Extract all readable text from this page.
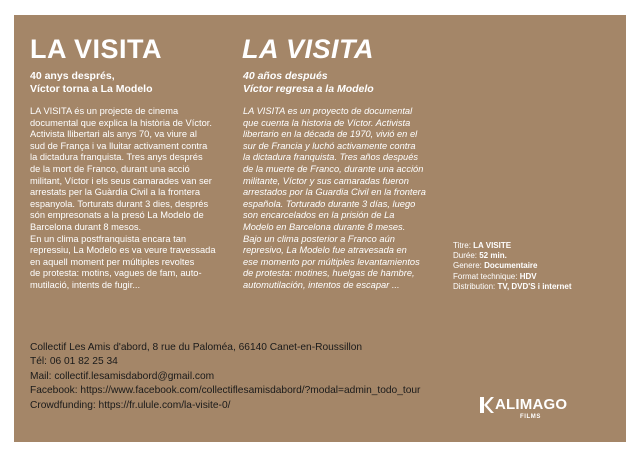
LA VISITA
40 anys després,
Víctor torna a La Modelo
LA VISITA és un projecte de cinema
documental que explica la història de Víctor.
Activista llibertari als anys 70, va viure al
sud de França i va lluitar activament contra
la dictadura franquista. Tres anys després
de la mort de Franco, durant una acció
militant, Víctor i els seus camarades van ser
arrestats per la Guàrdia Civil a la frontera
espanyola. Torturats durant 3 dies, després
són empresonats a la presó La Modelo de
Barcelona durant 8 mesos.
En un clima postfranquista encara tan
repressiu, La Modelo es va veure travessada
en aquell moment per múltiples revoltes
de protesta: motins, vagues de fam, auto-
mutilació, intents de fugir...
LA VISITA
40 años después
Víctor regresa a la Modelo
LA VISITA es un proyecto de documental
que cuenta la historia de Víctor. Activista
libertario en la década de 1970, vivió en el
sur de Francia y luchó activamente contra
la dictadura franquista. Tres años después
de la muerte de Franco, durante una acción
militante, Víctor y sus camaradas fueron
arrestados por la Guardia Civil en la frontera
española. Torturado durante 3 días, luego
son encarcelados en la prisión de La
Modelo en Barcelona durante 8 meses.
Bajo un clima posterior a Franco aún
represivo, La Modelo fue atravesada en
ese momento por múltiples levantamientos
de protesta: motines, huelgas de hambre,
automutilación, intentos de escapar ...
Titre: LA VISITE
Durée: 52 min.
Genere: Documentaire
Format technique: HDV
Distribution: TV, DVD'S i internet
Collectif Les Amis d'abord, 8 rue du Paloméa, 66140 Canet-en-Roussillon
Tél: 06 01 82 25 34
Mail: collectif.lesamisdabord@gmail.com
Facebook: https://www.facebook.com/collectiflesamisdabord/?modal=admin_todo_tour
Crowdfunding: https://fr.ulule.com/la-visite-0/	ALIMAGO
FILMS
